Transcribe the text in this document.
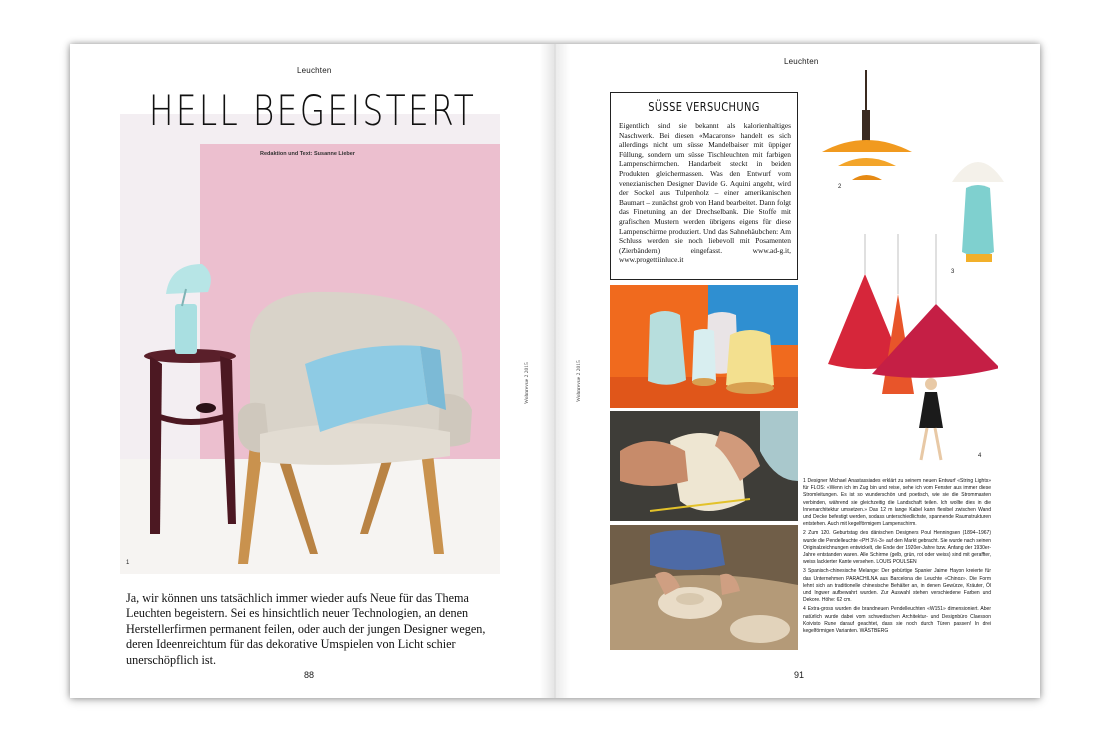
Leuchten
HELL BEGEISTERT
Redaktion und Text: Susanne Lieber
1
Ja, wir können uns tatsächlich immer wieder aufs Neue für das Thema Leuchten begeistern. Sei es hinsichtlich neuer Technologien, an denen Herstellerfirmen permanent feilen, oder auch der jungen Designer wegen, deren Ideenreichtum für das dekorative Umspielen von Licht schier unerschöpflich ist.
Wohnrevue 2 2015
88
Leuchten
SÜSSE VERSUCHUNG
Eigentlich sind sie bekannt als kalorienhaltiges Naschwerk. Bei diesen «Macarons» handelt es sich allerdings nicht um süsse Mandelbaiser mit üppiger Füllung, sondern um süsse Tischleuchten mit farbigen Lampenschirmchen. Handarbeit steckt in beiden Produkten gleichermassen. Was den Entwurf vom venezianischen Designer Davide G. Aquini angeht, wird der Sockel aus Tulpenholz – einer amerikanischen Baumart – zunächst grob von Hand bearbeitet. Dann folgt das Finetuning an der Drechselbank. Die Stoffe mit grafischen Mustern werden übrigens eigens für diese Lampenschirme produziert. Und das Sahnehäubchen: Am Schluss werden sie noch liebevoll mit Posamenten (Zierbändern) eingefasst. www.ad-g.it, www.progettiinluce.it
2
3
4

1 Designer Michael Anastassiades erklärt zu seinem neuen Entwurf «String Lights» für FLOS: «Wenn ich im Zug bin und reise, sehe ich vom Fenster aus immer diese Stromleitungen. Es ist so wunderschön und poetisch, wie sie die Strommasten verbinden, während sie gleichzeitig die Landschaft teilen. Ich wollte dies in die Innenarchitektur umsetzen.» Das 12 m lange Kabel kann flexibel zwischen Wand und Decke befestigt werden, sodass unterschiedlichste, spannende Raumstrukturen entstehen. Auch mit kegelförmigem Lampenschirm.

2 Zum 120. Geburtstag des dänischen Designers Poul Henningsen (1894–1967) wurde die Pendelleuchte «PH 3½-3» auf den Markt gebracht. Sie wurde nach seinen Originalzeichnungen entwickelt, die Ende der 1920er-Jahre bzw. Anfang der 1930er-Jahre entstanden waren. Alle Schirme (gelb, grün, rot oder weiss) sind mit geraffter, weiss lackierter Kante versehen. LOUIS POULSEN

3 Spanisch-chinesische Melange: Der gebürtige Spanier Jaime Hayon kreierte für das Unternehmen PARACHILNA aus Barcelona die Leuchte «Chinoz». Die Form lehnt sich an traditionelle chinesische Behälter an, in denen Gewürze, Kräuter, Öl und Ingwer aufbewahrt wurden. Zur Auswahl stehen verschiedene Farben und Dekore. Höhe: 62 cm.

4 Extra-gross wurden die brandneuen Pendelleuchten «W151» dimensioniert. Aber natürlich wurde dabei vom schwedischen Architektur- und Designbüro Claesson Koivisto Rune darauf geachtet, dass sie noch durch Türen passen! In drei kegelförmigen Varianten. WÄSTBERG

Wohnrevue 2 2015
91
